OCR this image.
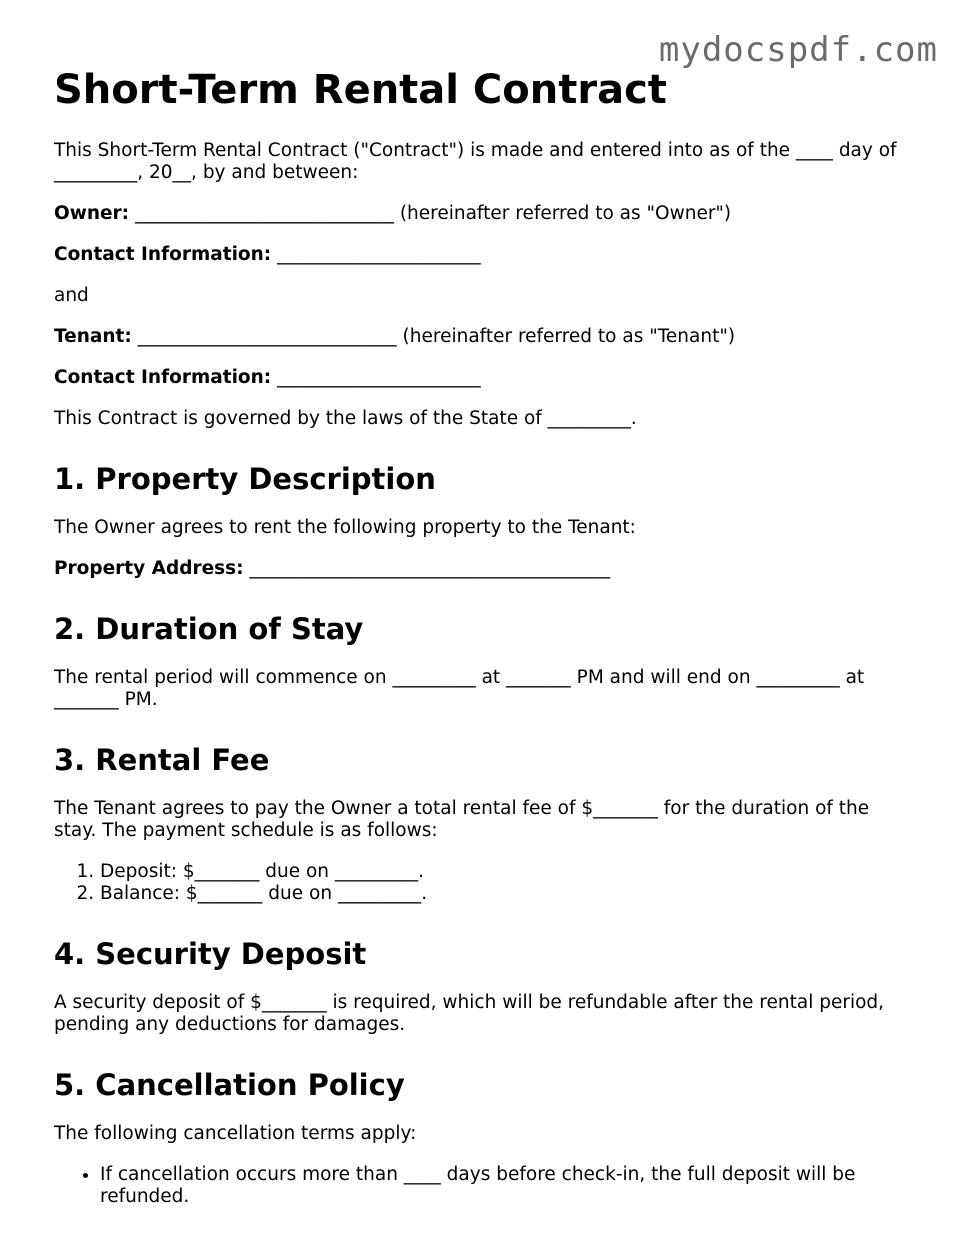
mydocspdf.com
Short-Term Rental Contract

This Short-Term Rental Contract ("Contract") is made and entered into as of the ____ day of _________, 20__, by and between:

Owner: ____________________________ (hereinafter referred to as "Owner")

Contact Information: ______________________

and

Tenant: ____________________________ (hereinafter referred to as "Tenant")

Contact Information: ______________________

This Contract is governed by the laws of the State of _________.

1. Property Description

The Owner agrees to rent the following property to the Tenant:

Property Address: _______________________________________

2. Duration of Stay

The rental period will commence on _________ at _______ PM and will end on _________ at _______ PM.

3. Rental Fee

The Tenant agrees to pay the Owner a total rental fee of $_______ for the duration of the stay. The payment schedule is as follows:

1. Deposit: $_______ due on _________.
2. Balance: $_______ due on _________.
4. Security Deposit

A security deposit of $_______ is required, which will be refundable after the rental period, pending any deductions for damages.

5. Cancellation Policy

The following cancellation terms apply:

• If cancellation occurs more than ____ days before check-in, the full deposit will be refunded.
